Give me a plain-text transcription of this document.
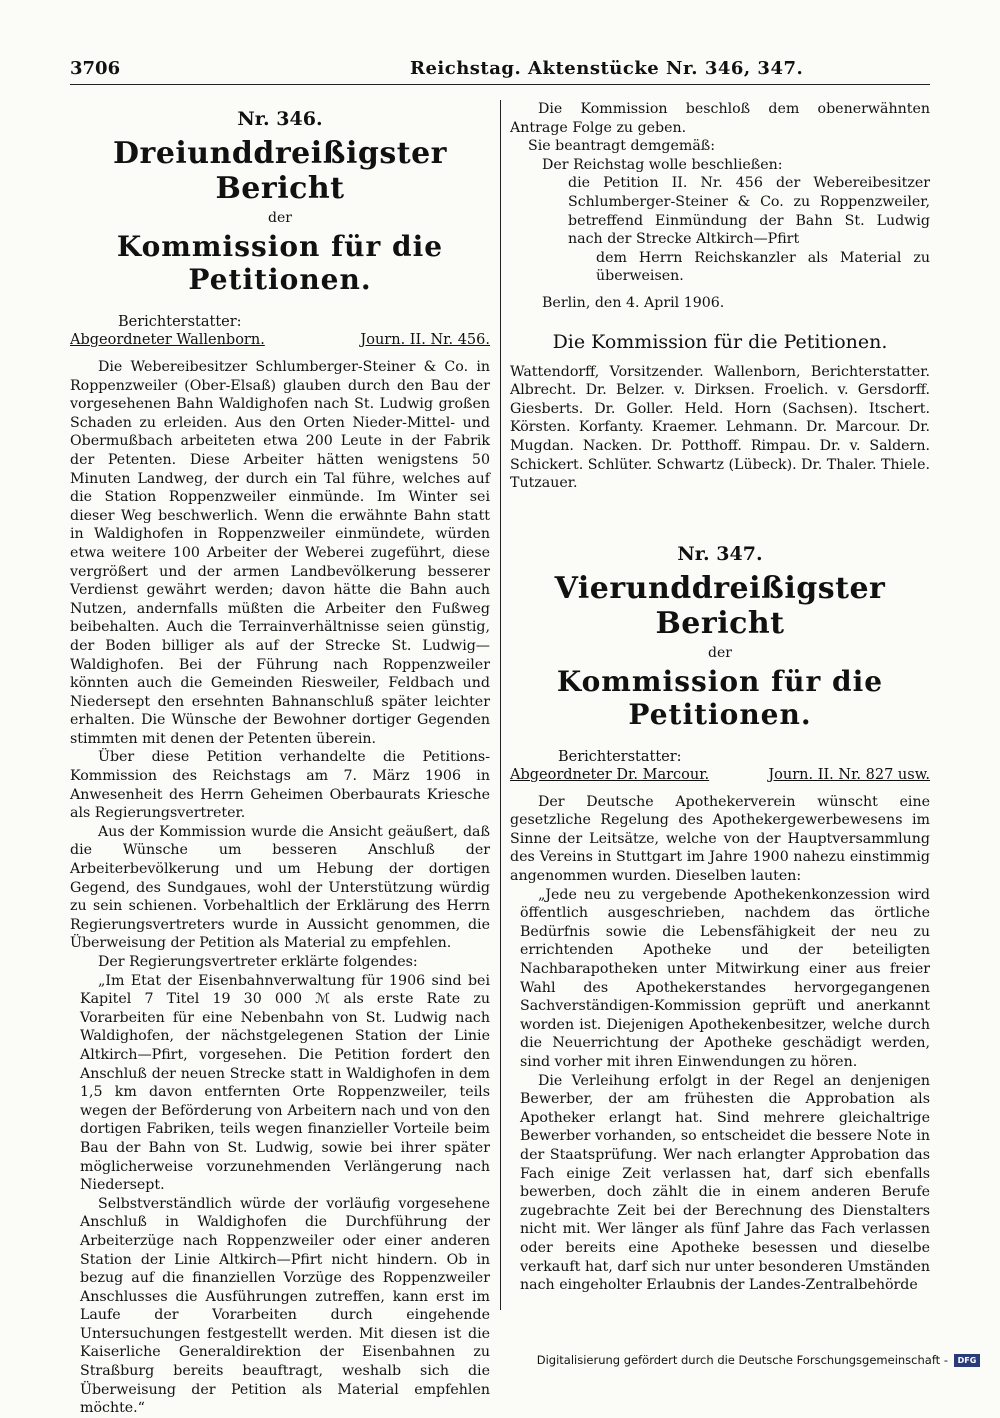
3706	Reichstag. Aktenstücke Nr. 346, 347.
Nr. 346.
Dreiunddreißigster Bericht
der
Kommission für die Petitionen.
Berichterstatter:
Abgeordneter Wallenborn.	Journ. II. Nr. 456.

Die Webereibesitzer Schlumberger-Steiner & Co. in Roppenzweiler (Ober-Elsaß) glauben durch den Bau der vorgesehenen Bahn Waldighofen nach St. Ludwig großen Schaden zu erleiden. Aus den Orten Nieder-Mittel- und Obermußbach arbeiteten etwa 200 Leute in der Fabrik der Petenten. Diese Arbeiter hätten wenigstens 50 Minuten Landweg, der durch ein Tal führe, welches auf die Station Roppenzweiler einmünde. Im Winter sei dieser Weg beschwerlich. Wenn die erwähnte Bahn statt in Waldighofen in Roppenzweiler einmündete, würden etwa weitere 100 Arbeiter der Weberei zugeführt, diese vergrößert und der armen Landbevölkerung besserer Verdienst gewährt werden; davon hätte die Bahn auch Nutzen, andernfalls müßten die Arbeiter den Fußweg beibehalten. Auch die Terrainverhältnisse seien günstig, der Boden billiger als auf der Strecke St. Ludwig—Waldighofen. Bei der Führung nach Roppenzweiler könnten auch die Gemeinden Riesweiler, Feldbach und Niedersept den ersehnten Bahnanschluß später leichter erhalten. Die Wünsche der Bewohner dortiger Gegenden stimmten mit denen der Petenten überein.

Über diese Petition verhandelte die Petitions-Kommission des Reichstags am 7. März 1906 in Anwesenheit des Herrn Geheimen Oberbaurats Kriesche als Regierungsvertreter.

Aus der Kommission wurde die Ansicht geäußert, daß die Wünsche um besseren Anschluß der Arbeiterbevölkerung und um Hebung der dortigen Gegend, des Sundgaues, wohl der Unterstützung würdig zu sein schienen. Vorbehaltlich der Erklärung des Herrn Regierungsvertreters wurde in Aussicht genommen, die Überweisung der Petition als Material zu empfehlen.

Der Regierungsvertreter erklärte folgendes:

„Im Etat der Eisenbahnverwaltung für 1906 sind bei Kapitel 7 Titel 19 30 000 ℳ als erste Rate zu Vorarbeiten für eine Nebenbahn von St. Ludwig nach Waldighofen, der nächstgelegenen Station der Linie Altkirch—Pfirt, vorgesehen. Die Petition fordert den Anschluß der neuen Strecke statt in Waldighofen in dem 1,5 km davon entfernten Orte Roppenzweiler, teils wegen der Beförderung von Arbeitern nach und von den dortigen Fabriken, teils wegen finanzieller Vorteile beim Bau der Bahn von St. Ludwig, sowie bei ihrer später möglicherweise vorzunehmenden Verlängerung nach Niedersept.

Selbstverständlich würde der vorläufig vorgesehene Anschluß in Waldighofen die Durchführung der Arbeiterzüge nach Roppenzweiler oder einer anderen Station der Linie Altkirch—Pfirt nicht hindern. Ob in bezug auf die finanziellen Vorzüge des Roppenzweiler Anschlusses die Ausführungen zutreffen, kann erst im Laufe der Vorarbeiten durch eingehende Untersuchungen festgestellt werden. Mit diesen ist die Kaiserliche Generaldirektion der Eisenbahnen zu Straßburg bereits beauftragt, weshalb sich die Überweisung der Petition als Material empfehlen möchte.“

Die Kommission beschloß dem obenerwähnten Antrage Folge zu geben.

Sie beantragt demgemäß:

Der Reichstag wolle beschließen:

die Petition II. Nr. 456 der Webereibesitzer Schlumberger-Steiner & Co. zu Roppenzweiler, betreffend Einmündung der Bahn St. Ludwig nach der Strecke Altkirch—Pfirt

dem Herrn Reichskanzler als Material zu überweisen.

Berlin, den 4. April 1906.

Die Kommission für die Petitionen.
Wattendorff, Vorsitzender. Wallenborn, Berichterstatter. Albrecht. Dr. Belzer. v. Dirksen. Froelich. v. Gersdorff. Giesberts. Dr. Goller. Held. Horn (Sachsen). Itschert. Körsten. Korfanty. Kraemer. Lehmann. Dr. Marcour. Dr. Mugdan. Nacken. Dr. Potthoff. Rimpau. Dr. v. Saldern. Schickert. Schlüter. Schwartz (Lübeck). Dr. Thaler. Thiele. Tutzauer.
Nr. 347.
Vierunddreißigster Bericht
der
Kommission für die Petitionen.
Berichterstatter:
Abgeordneter Dr. Marcour.	Journ. II. Nr. 827 usw.

Der Deutsche Apothekerverein wünscht eine gesetzliche Regelung des Apothekergewerbewesens im Sinne der Leitsätze, welche von der Hauptversammlung des Vereins in Stuttgart im Jahre 1900 nahezu einstimmig angenommen wurden. Dieselben lauten:

„Jede neu zu vergebende Apothekenkonzession wird öffentlich ausgeschrieben, nachdem das örtliche Bedürfnis sowie die Lebensfähigkeit der neu zu errichtenden Apotheke und der beteiligten Nachbarapotheken unter Mitwirkung einer aus freier Wahl des Apothekerstandes hervorgegangenen Sachverständigen-Kommission geprüft und anerkannt worden ist. Diejenigen Apothekenbesitzer, welche durch die Neuerrichtung der Apotheke geschädigt werden, sind vorher mit ihren Einwendungen zu hören.

Die Verleihung erfolgt in der Regel an denjenigen Bewerber, der am frühesten die Approbation als Apotheker erlangt hat. Sind mehrere gleichaltrige Bewerber vorhanden, so entscheidet die bessere Note in der Staatsprüfung. Wer nach erlangter Approbation das Fach einige Zeit verlassen hat, darf sich ebenfalls bewerben, doch zählt die in einem anderen Berufe zugebrachte Zeit bei der Berechnung des Dienstalters nicht mit. Wer länger als fünf Jahre das Fach verlassen oder bereits eine Apotheke besessen und dieselbe verkauft hat, darf sich nur unter besonderen Umständen nach eingeholter Erlaubnis der Landes-Zentralbehörde

Digitalisierung gefördert durch die Deutsche Forschungsgemeinschaft -	DFG
